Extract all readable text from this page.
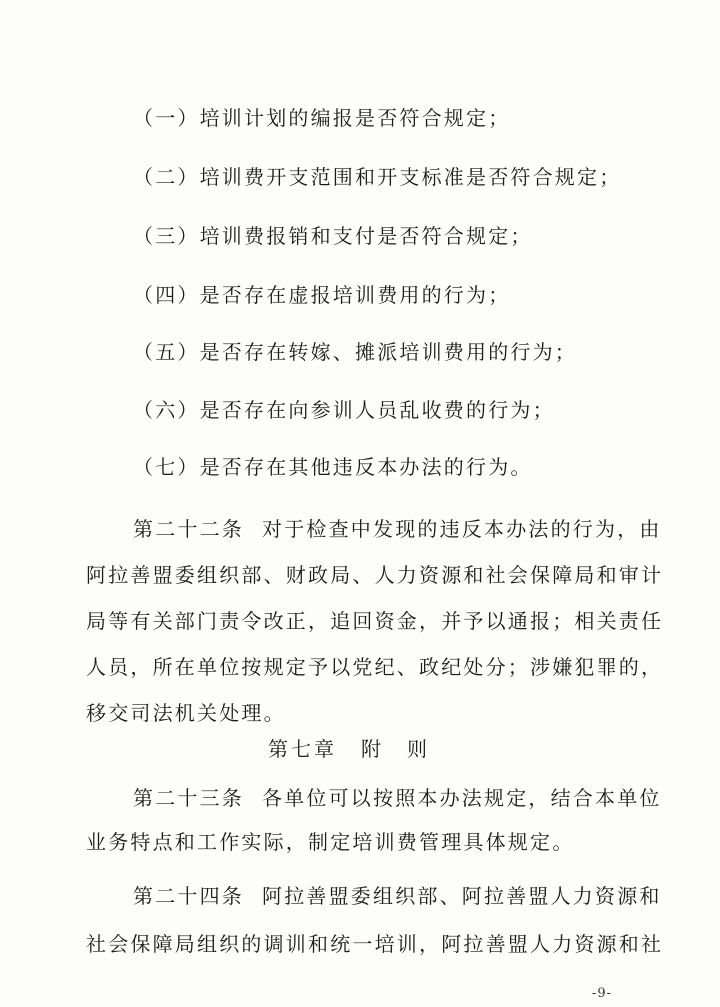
（一）培训计划的编报是否符合规定；
（二）培训费开支范围和开支标准是否符合规定；
（三）培训费报销和支付是否符合规定；
（四）是否存在虚报培训费用的行为；
（五）是否存在转嫁、摊派培训费用的行为；
（六）是否存在向参训人员乱收费的行为；
（七）是否存在其他违反本办法的行为。
第二十二条 对于检查中发现的违反本办法的行为，由
阿拉善盟委组织部、财政局、人力资源和社会保障局和审计
局等有关部门责令改正，追回资金，并予以通报；相关责任
人员，所在单位按规定予以党纪、政纪处分；涉嫌犯罪的，
移交司法机关处理。
第七章 附　则
第二十三条 各单位可以按照本办法规定，结合本单位
业务特点和工作实际，制定培训费管理具体规定。
第二十四条 阿拉善盟委组织部、阿拉善盟人力资源和
-9-
社会保障局组织的调训和统一培训，阿拉善盟人力资源和社
